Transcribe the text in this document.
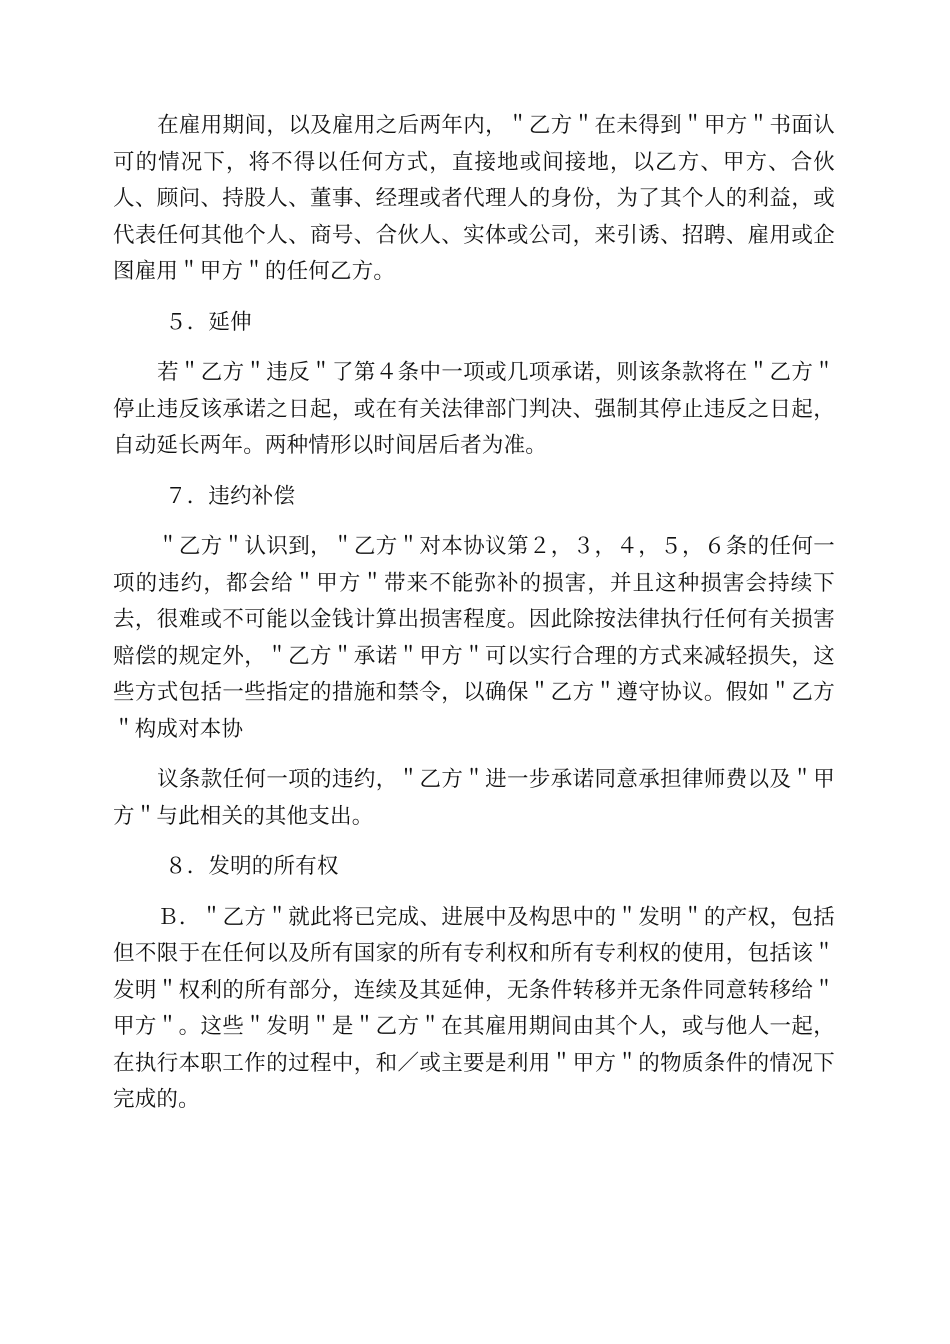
在雇用期间，以及雇用之后两年内，＂乙方＂在未得到＂甲方＂书面认可的情况下，将不得以任何方式，直接地或间接地，以乙方、甲方、合伙人、顾问、持股人、董事、经理或者代理人的身份，为了其个人的利益，或代表任何其他个人、商号、合伙人、实体或公司，来引诱、招聘、雇用或企图雇用＂甲方＂的任何乙方。

５．延伸

若＂乙方＂违反＂了第４条中一项或几项承诺，则该条款将在＂乙方＂停止违反该承诺之日起，或在有关法律部门判决、强制其停止违反之日起，自动延长两年。两种情形以时间居后者为准。

７．违约补偿

＂乙方＂认识到，＂乙方＂对本协议第２，３，４，５，６条的任何一项的违约，都会给＂甲方＂带来不能弥补的损害，并且这种损害会持续下去，很难或不可能以金钱计算出损害程度。因此除按法律执行任何有关损害赔偿的规定外，＂乙方＂承诺＂甲方＂可以实行合理的方式来减轻损失，这些方式包括一些指定的措施和禁令，以确保＂乙方＂遵守协议。假如＂乙方＂构成对本协

议条款任何一项的违约，＂乙方＂进一步承诺同意承担律师费以及＂甲方＂与此相关的其他支出。

８．发明的所有权

Ｂ．＂乙方＂就此将已完成、进展中及构思中的＂发明＂的产权，包括但不限于在任何以及所有国家的所有专利权和所有专利权的使用，包括该＂发明＂权利的所有部分，连续及其延伸，无条件转移并无条件同意转移给＂甲方＂。这些＂发明＂是＂乙方＂在其雇用期间由其个人，或与他人一起，在执行本职工作的过程中，和／或主要是利用＂甲方＂的物质条件的情况下完成的。
